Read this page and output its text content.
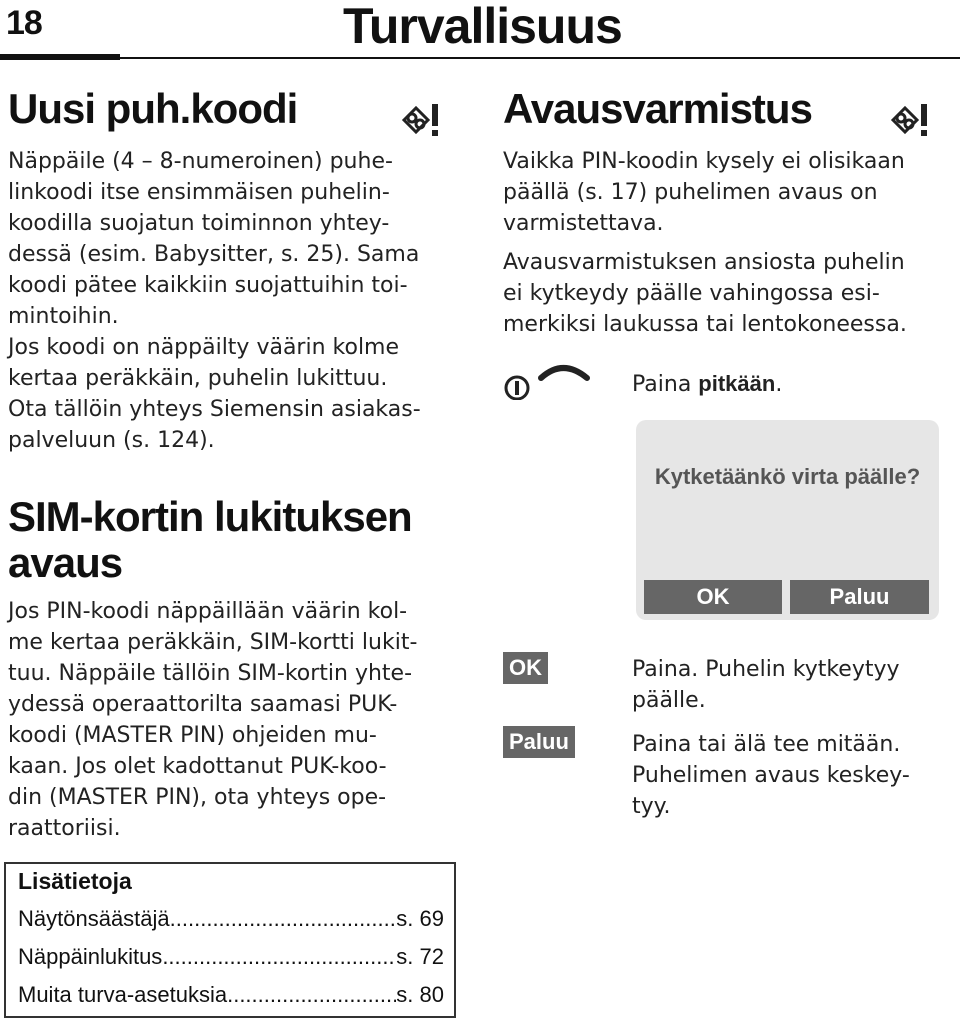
18	Turvallisuus
Uusi puh.koodi
Näppäile (4 – 8-numeroinen) puhe-
linkoodi itse ensimmäisen puhelin-
koodilla suojatun toiminnon yhtey-
dessä (esim. Babysitter, s. 25). Sama
koodi pätee kaikkiin suojattuihin toi-
mintoihin.
Jos koodi on näppäilty väärin kolme
kertaa peräkkäin, puhelin lukittuu.
Ota tällöin yhteys Siemensin asiakas-
palveluun (s. 124).
SIM-kortin lukituksen
avaus
Jos PIN-koodi näppäillään väärin kol-
me kertaa peräkkäin, SIM-kortti lukit-
tuu. Näppäile tällöin SIM-kortin yhte-
ydessä operaattorilta saamasi PUK-
koodi (MASTER PIN) ohjeiden mu-
kaan. Jos olet kadottanut PUK-koo-
din (MASTER PIN), ota yhteys ope-
raattoriisi.
Lisätietoja
Näytönsäästäjä .....	s. 69
Näppäinlukitus .....	s. 72
Muita turva-asetuksia .....	s. 80
Avausvarmistus
Vaikka PIN-koodin kysely ei olisikaan
päällä (s. 17) puhelimen avaus on
varmistettava.
Avausvarmistuksen ansiosta puhelin
ei kytkeydy päälle vahingossa esi-
merkiksi laukussa tai lentokoneessa.
Paina pitkään.
Kytketäänkö virta päälle?
OK	Paluu
OK	Paina. Puhelin kytkeytyy
päälle.
Paluu	Paina tai älä tee mitään.
Puhelimen avaus keskey-
tyy.
